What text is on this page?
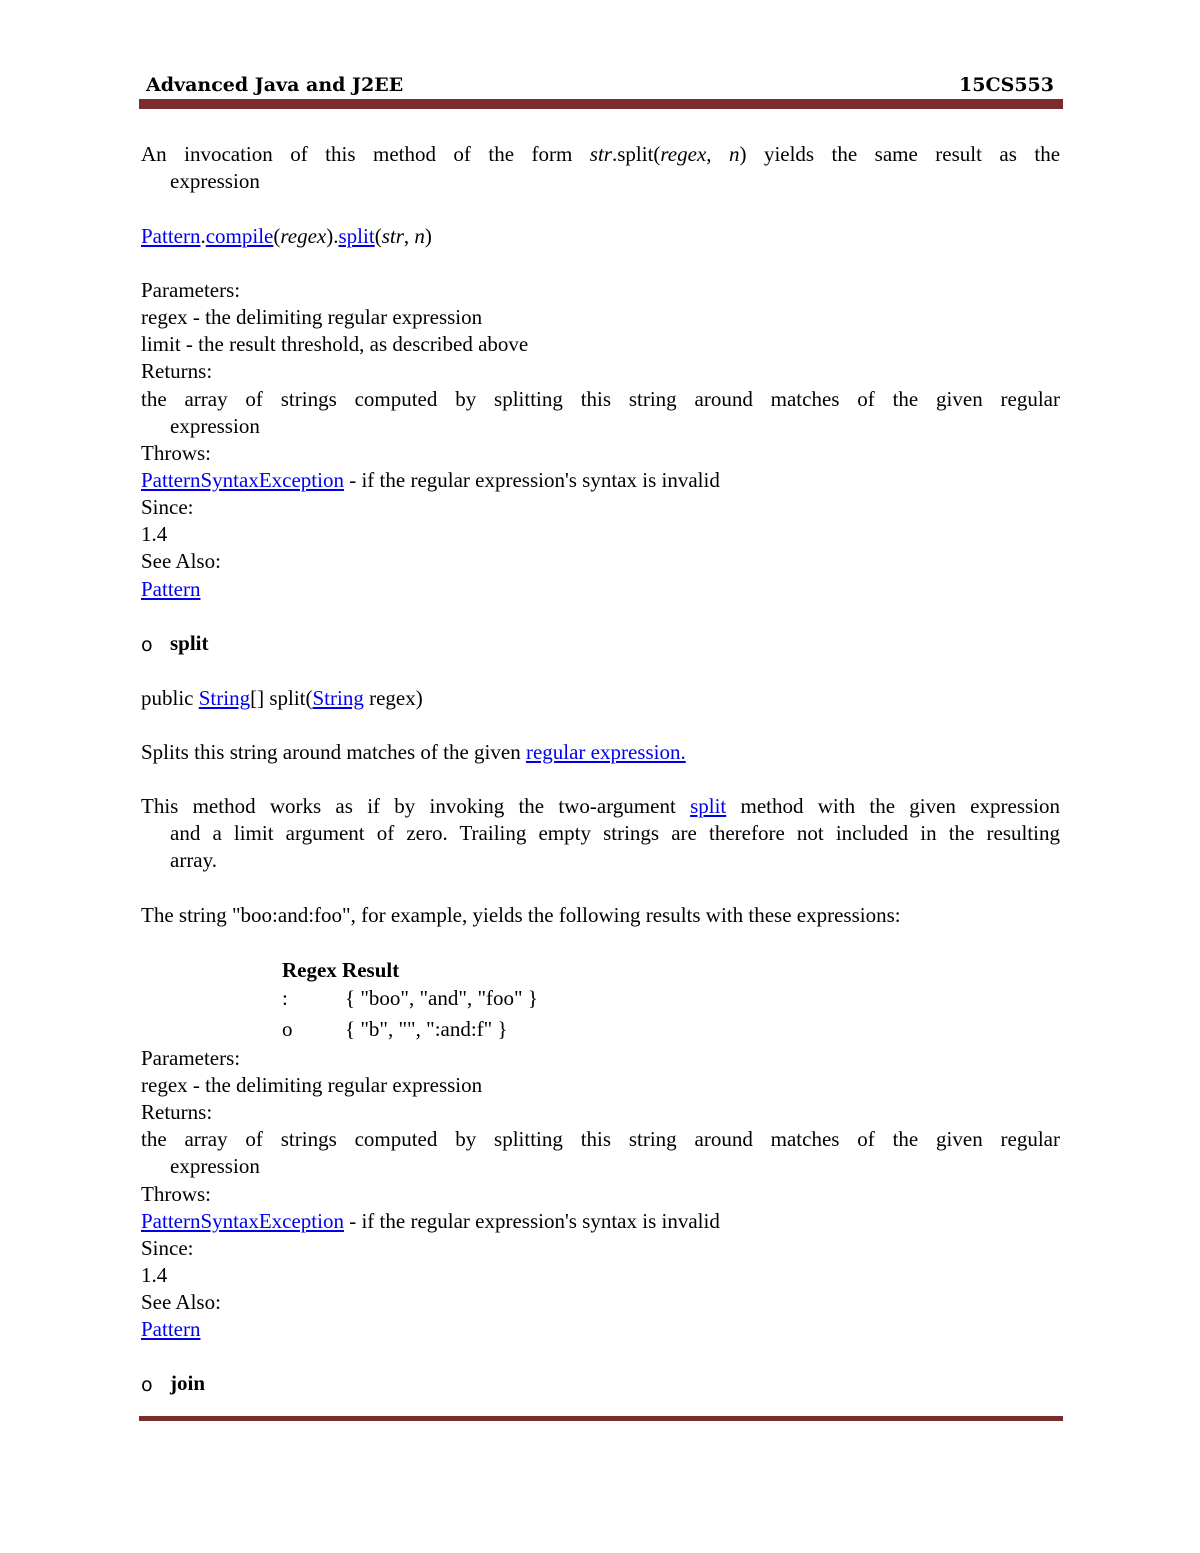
Advanced Java and J2EE	15CS553
An invocation of this method of the form str.split(regex, n) yields the same result as the
expression
Pattern.compile(regex).split(str, n)
Parameters:
regex - the delimiting regular expression
limit - the result threshold, as described above
Returns:
the array of strings computed by splitting this string around matches of the given regular
expression
Throws:
PatternSyntaxException - if the regular expression's syntax is invalid
Since:
1.4
See Also:
Pattern
o split
public String[] split(String regex)
Splits this string around matches of the given regular expression.
This method works as if by invoking the two-argument split method with the given expression
and a limit argument of zero. Trailing empty strings are therefore not included in the resulting
array.
The string "boo:and:foo", for example, yields the following results with these expressions:
Regex Result
:	{ "boo", "and", "foo" }
o	{ "b", "", ":and:f" }
Parameters:
regex - the delimiting regular expression
Returns:
the array of strings computed by splitting this string around matches of the given regular
expression
Throws:
PatternSyntaxException - if the regular expression's syntax is invalid
Since:
1.4
See Also:
Pattern
o join
